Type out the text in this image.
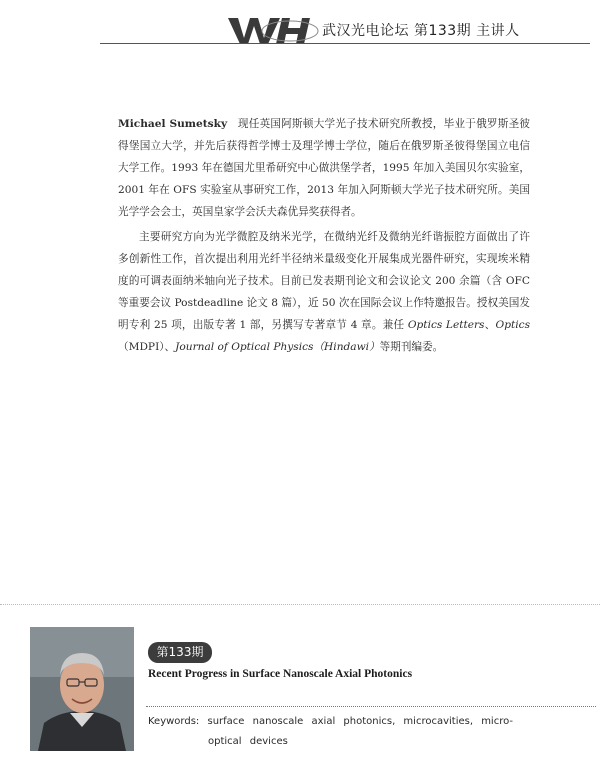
武汉光电论坛 第133期 主讲人

Michael Sumetsky 现任英国阿斯顿大学光子技术研究所教授，毕业于俄罗斯圣彼得堡国立大学，并先后获得哲学博士及理学博士学位，随后在俄罗斯圣彼得堡国立电信大学工作。1993 年在德国尤里希研究中心做洪堡学者，1995 年加入美国贝尔实验室，2001 年在 OFS 实验室从事研究工作，2013 年加入阿斯顿大学光子技术研究所。美国光学学会会士，英国皇家学会沃夫森优异奖获得者。

主要研究方向为光学微腔及纳米光学，在微纳光纤及微纳光纤谐振腔方面做出了许多创新性工作，首次提出利用光纤半径纳米量级变化开展集成光器件研究，实现埃米精度的可调表面纳米轴向光子技术。目前已发表期刊论文和会议论文 200 余篇（含 OFC 等重要会议 Postdeadline 论文 8 篇），近 50 次在国际会议上作特邀报告。授权美国发明专利 25 项，出版专著 1 部，另撰写专著章节 4 章。兼任 Optics Letters、Optics（MDPI）、Journal of Optical Physics（Hindawi）等期刊编委。

第133期
Recent Progress in Surface Nanoscale Axial Photonics
Keywords: surface nanoscale axial photonics, microcavities, micro-
optical devices
